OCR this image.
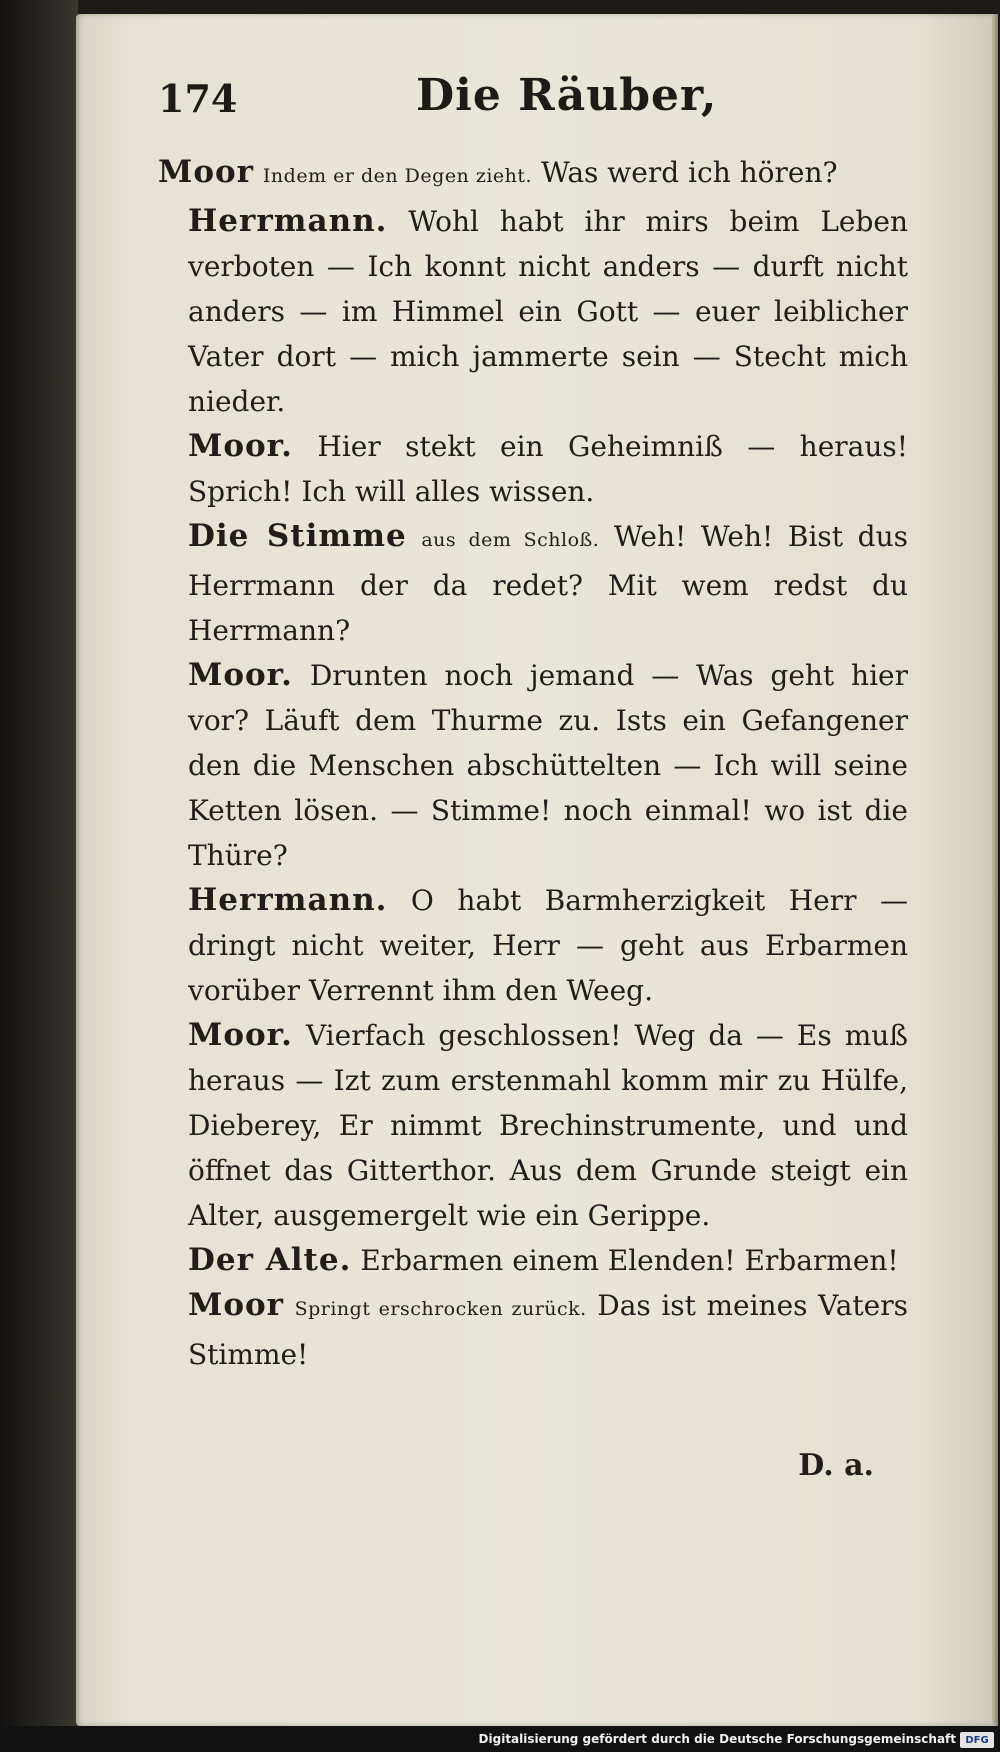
174	Die Räuber,

Moor Indem er den Degen zieht. Was werd ich hören?

Herrmann. Wohl habt ihr mirs beim Leben verboten — Ich konnt nicht anders — durft nicht anders — im Himmel ein Gott — euer leiblicher Vater dort — mich jammerte sein — Stecht mich nieder.

Moor. Hier stekt ein Geheimniß — heraus! Sprich! Ich will alles wissen.

Die Stimme aus dem Schloß. Weh! Weh! Bist dus Herrmann der da redet? Mit wem redst du Herrmann?

Moor. Drunten noch jemand — Was geht hier vor? Läuft dem Thurme zu. Ists ein Gefangener den die Menschen abschüttelten — Ich will seine Ketten lösen. — Stimme! noch einmal! wo ist die Thüre?

Herrmann. O habt Barmherzigkeit Herr — dringt nicht weiter, Herr — geht aus Erbarmen vorüber Verrennt ihm den Weeg.

Moor. Vierfach geschlossen! Weg da — Es muß heraus — Izt zum erstenmahl komm mir zu Hülfe, Dieberey, Er nimmt Brechinstrumente, und und öffnet das Gitterthor. Aus dem Grunde steigt ein Alter, ausgemergelt wie ein Gerippe.

Der Alte. Erbarmen einem Elenden! Erbarmen!

Moor Springt erschrocken zurück. Das ist meines Vaters Stimme!

D. a.
Digitalisierung gefördert durch die Deutsche Forschungsgemeinschaft DFG
